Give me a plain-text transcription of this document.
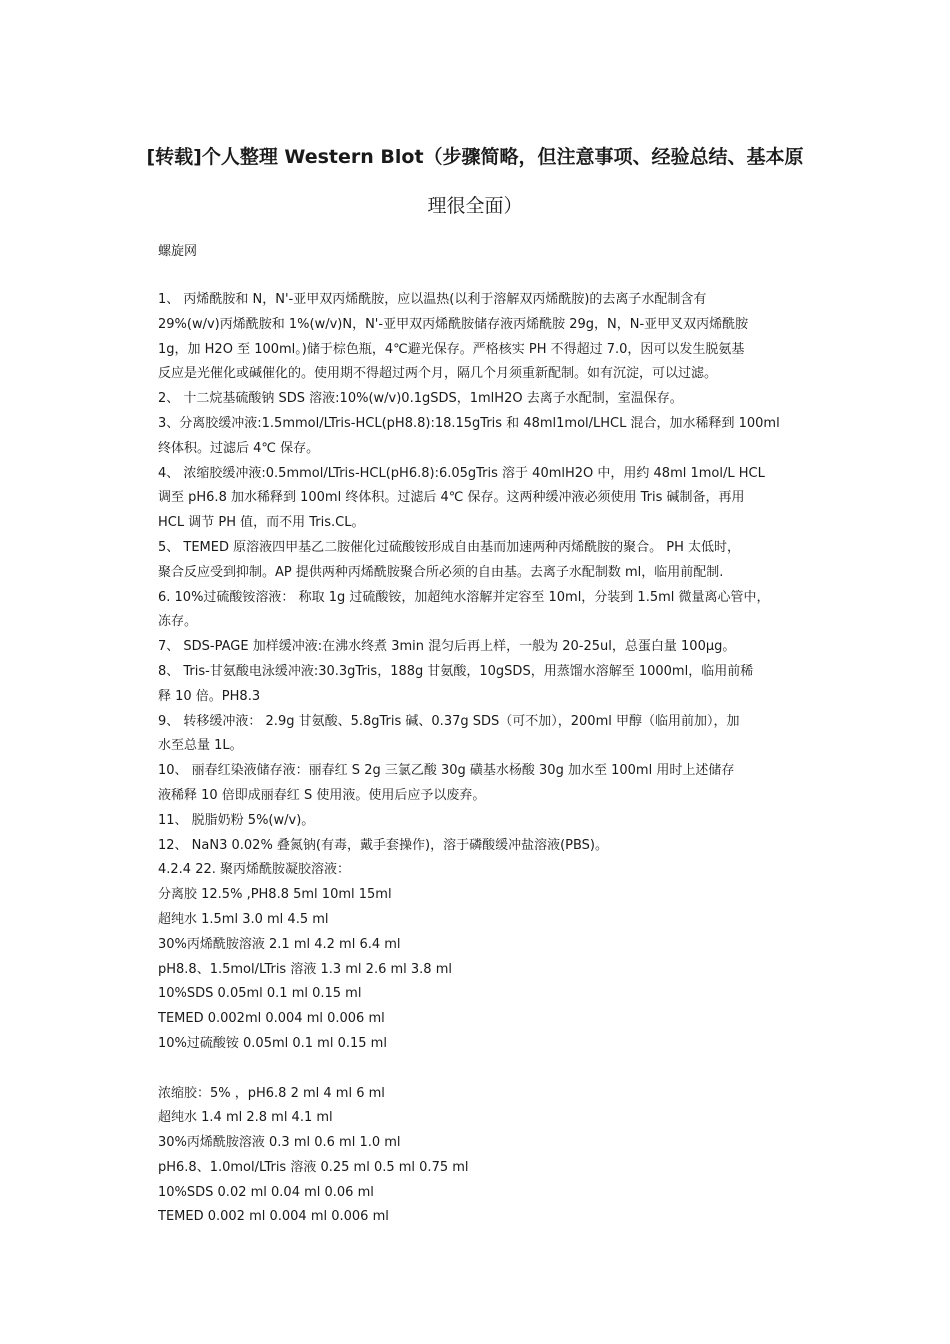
[转载]个人整理 Western Blot（步骤简略，但注意事项、经验总结、基本原
理很全面）
螺旋网
1、 丙烯酰胺和 N，N'-亚甲双丙烯酰胺，应以温热(以利于溶解双丙烯酰胺)的去离子水配制含有
29%(w/v)丙烯酰胺和 1%(w/v)N，N'-亚甲双丙烯酰胺储存液丙烯酰胺 29g，N，N-亚甲叉双丙烯酰胺
1g，加 H2O 至 100ml。)储于棕色瓶，4℃避光保存。严格核实 PH 不得超过 7.0，因可以发生脱氨基
反应是光催化或碱催化的。使用期不得超过两个月，隔几个月须重新配制。如有沉淀，可以过滤。
2、 十二烷基硫酸钠 SDS 溶液:10%(w/v)0.1gSDS，1mlH2O 去离子水配制，室温保存。
3、分离胶缓冲液:1.5mmol/LTris-HCL(pH8.8):18.15gTris 和 48ml1mol/LHCL 混合，加水稀释到 100ml
终体积。过滤后 4℃ 保存。
4、 浓缩胶缓冲液:0.5mmol/LTris-HCL(pH6.8):6.05gTris 溶于 40mlH2O 中，用约 48ml 1mol/L HCL
调至 pH6.8 加水稀释到 100ml 终体积。过滤后 4℃ 保存。这两种缓冲液必须使用 Tris 碱制备，再用
HCL 调节 PH 值，而不用 Tris.CL。
5、 TEMED 原溶液四甲基乙二胺催化过硫酸铵形成自由基而加速两种丙烯酰胺的聚合。 PH 太低时，
聚合反应受到抑制。AP 提供两种丙烯酰胺聚合所必须的自由基。去离子水配制数 ml，临用前配制.
6. 10%过硫酸铵溶液： 称取 1g 过硫酸铵，加超纯水溶解并定容至 10ml，分装到 1.5ml 微量离心管中，
冻存。
7、 SDS-PAGE 加样缓冲液:在沸水终煮 3min 混匀后再上样，一般为 20-25ul，总蛋白量 100μg。
8、 Tris-甘氨酸电泳缓冲液:30.3gTris，188g 甘氨酸，10gSDS，用蒸馏水溶解至 1000ml，临用前稀
释 10 倍。PH8.3
9、 转移缓冲液： 2.9g 甘氨酸、5.8gTris 碱、0.37g SDS（可不加），200ml 甲醇（临用前加），加
水至总量 1L。
10、 丽春红染液储存液：丽春红 S 2g 三氯乙酸 30g 磺基水杨酸 30g 加水至 100ml 用时上述储存
液稀释 10 倍即成丽春红 S 使用液。使用后应予以废弃。
11、 脱脂奶粉 5%(w/v)。
12、 NaN3 0.02% 叠氮钠(有毒，戴手套操作)，溶于磷酸缓冲盐溶液(PBS)。
4.2.4 22. 聚丙烯酰胺凝胶溶液：
分离胶 12.5% ,PH8.8 5ml 10ml 15ml
超纯水 1.5ml 3.0 ml 4.5 ml
30%丙烯酰胺溶液 2.1 ml 4.2 ml 6.4 ml
pH8.8、1.5mol/LTris 溶液 1.3 ml 2.6 ml 3.8 ml
10%SDS 0.05ml 0.1 ml 0.15 ml
TEMED 0.002ml 0.004 ml 0.006 ml
10%过硫酸铵 0.05ml 0.1 ml 0.15 ml
浓缩胶：5% ，pH6.8 2 ml 4 ml 6 ml
超纯水 1.4 ml 2.8 ml 4.1 ml
30%丙烯酰胺溶液 0.3 ml 0.6 ml 1.0 ml
pH6.8、1.0mol/LTris 溶液 0.25 ml 0.5 ml 0.75 ml
10%SDS 0.02 ml 0.04 ml 0.06 ml
TEMED 0.002 ml 0.004 ml 0.006 ml
